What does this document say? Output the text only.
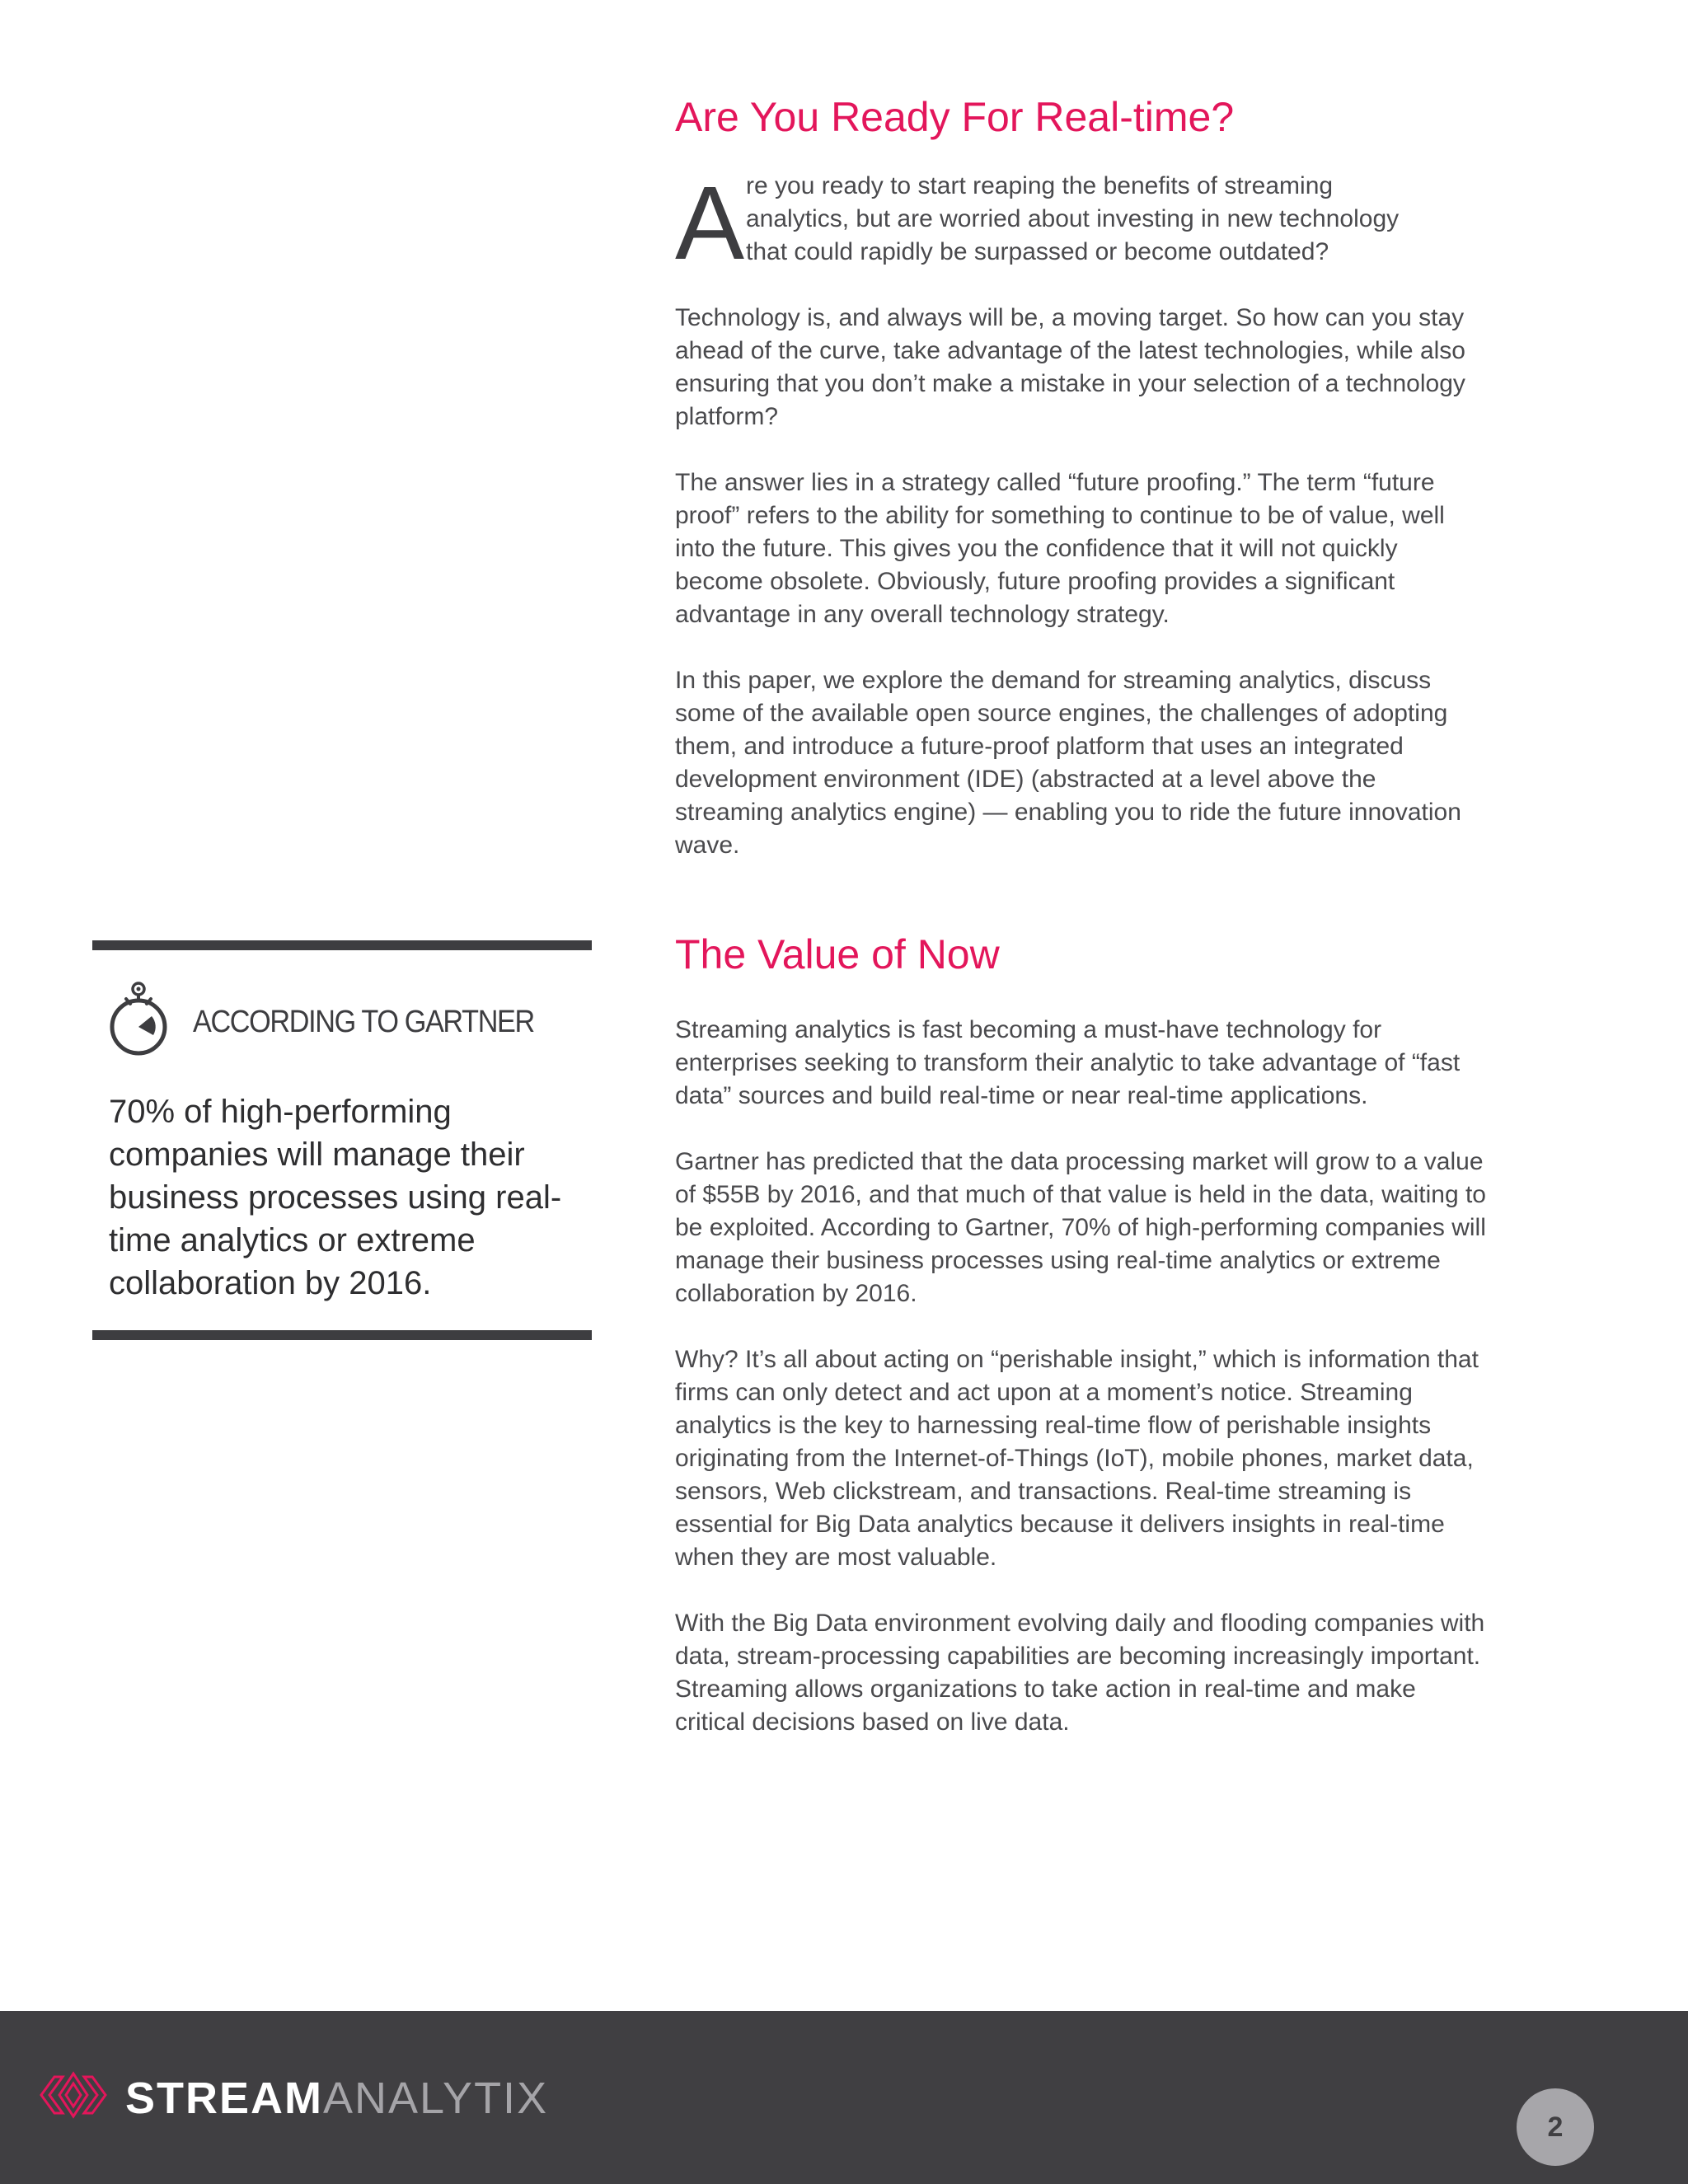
Are You Ready For Real-time?
A re you ready to start reaping the benefits of streaming
analytics, but are worried about investing in new technology
that could rapidly be surpassed or become outdated?

Technology is, and always will be, a moving target. So how can you stay ahead of the curve, take advantage of the latest technologies, while also ensuring that you don’t make a mistake in your selection of a technology platform?

The answer lies in a strategy called “future proofing.” The term “future proof” refers to the ability for something to continue to be of value, well into the future. This gives you the confidence that it will not quickly become obsolete. Obviously, future proofing provides a significant advantage in any overall technology strategy.

In this paper, we explore the demand for streaming analytics, discuss some of the available open source engines, the challenges of adopting them, and introduce a future-proof platform that uses an integrated development environment (IDE) (abstracted at a level above the streaming analytics engine) — enabling you to ride the future innovation wave.

The Value of Now

Streaming analytics is fast becoming a must-have technology for enterprises seeking to transform their analytic to take advantage of “fast data” sources and build real-time or near real-time applications.

Gartner has predicted that the data processing market will grow to a value of $55B by 2016, and that much of that value is held in the data, waiting to be exploited. According to Gartner, 70% of high-performing companies will manage their business processes using real-time analytics or extreme collaboration by 2016.

Why? It’s all about acting on “perishable insight,” which is information that firms can only detect and act upon at a moment’s notice. Streaming analytics is the key to harnessing real-time flow of perishable insights originating from the Internet-of-Things (IoT), mobile phones, market data, sensors, Web clickstream, and transactions. Real-time streaming is essential for Big Data analytics because it delivers insights in real-time when they are most valuable.

With the Big Data environment evolving daily and flooding companies with data, stream-processing capabilities are becoming increasingly important. Streaming allows organizations to take action in real-time and make critical decisions based on live data.

ACCORDING TO GARTNER

70% of high-performing companies will manage their business processes using real-time analytics or extreme collaboration by 2016.

STREAMANALYTIX

2
